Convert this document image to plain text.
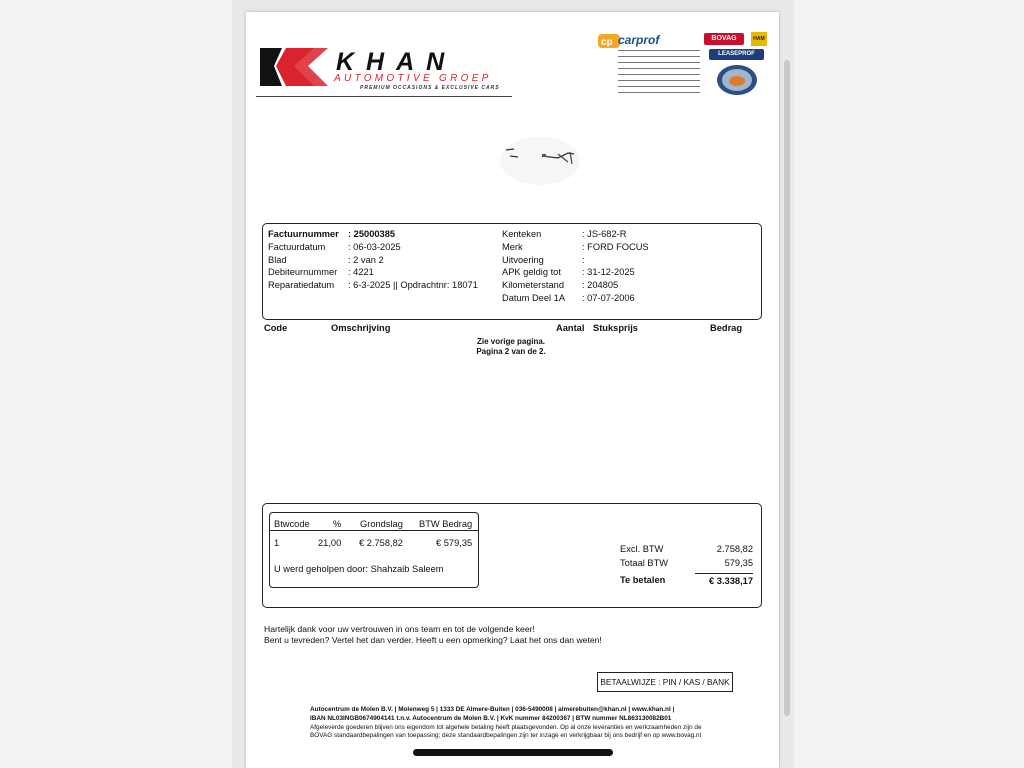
KHAN
AUTOMOTIVE GROEP
PREMIUM OCCASIONS & EXCLUSIVE CARS
cp carprof	BOVAG	HAM
LEASEPROF
Factuurnummer : 25000385
Factuurdatum	: 06-03-2025
Blad	: 2 van 2
Debiteurnummer	: 4221
Reparatiedatum	: 6-3-2025 || Opdrachtnr: 18071
Kenteken	: JS-682-R
Merk	: FORD FOCUS
Uitvoering	:
APK geldig tot	: 31-12-2025
Kilometerstand	: 204805
Datum Deel 1A	: 07-07-2006
Code	Omschrijving	Aantal Stuksprijs	Bedrag
Zie vorige pagina.
Pagina 2 van de 2.
Btwcode	% Grondslag BTW Bedrag
1	21,00 € 2.758,82	€ 579,35
U werd geholpen door: Shahzaib Saleem
Excl. BTW	2.758,82
Totaal BTW	579,35
Te betalen	€ 3.338,17
Hartelijk dank voor uw vertrouwen in ons team en tot de volgende keer!
Bent u tevreden? Vertel het dan verder. Heeft u een opmerking? Laat het ons dan weten!
BETAALWIJZE : PIN / KAS / BANK
Autocentrum de Molen B.V. | Molenweg 5 | 1333 DE Almere-Buiten | 036-5490008 | almerebuiten@khan.nl | www.khan.nl |
IBAN NL03INGB0674904141 t.n.v. Autocentrum de Molen B.V. | KvK nummer 84200367 | BTW nummer NL863130082B01
Afgeleverde goederen blijven ons eigendom tot algehele betaling heeft plaatsgevonden. Op al onze leveranties en werkzaamheden zijn de
BOVAG standaardbepalingen van toepassing; deze standaardbepalingen zijn ter inzage en verkrijgbaar bij ons bedrijf en op www.bovag.nl
